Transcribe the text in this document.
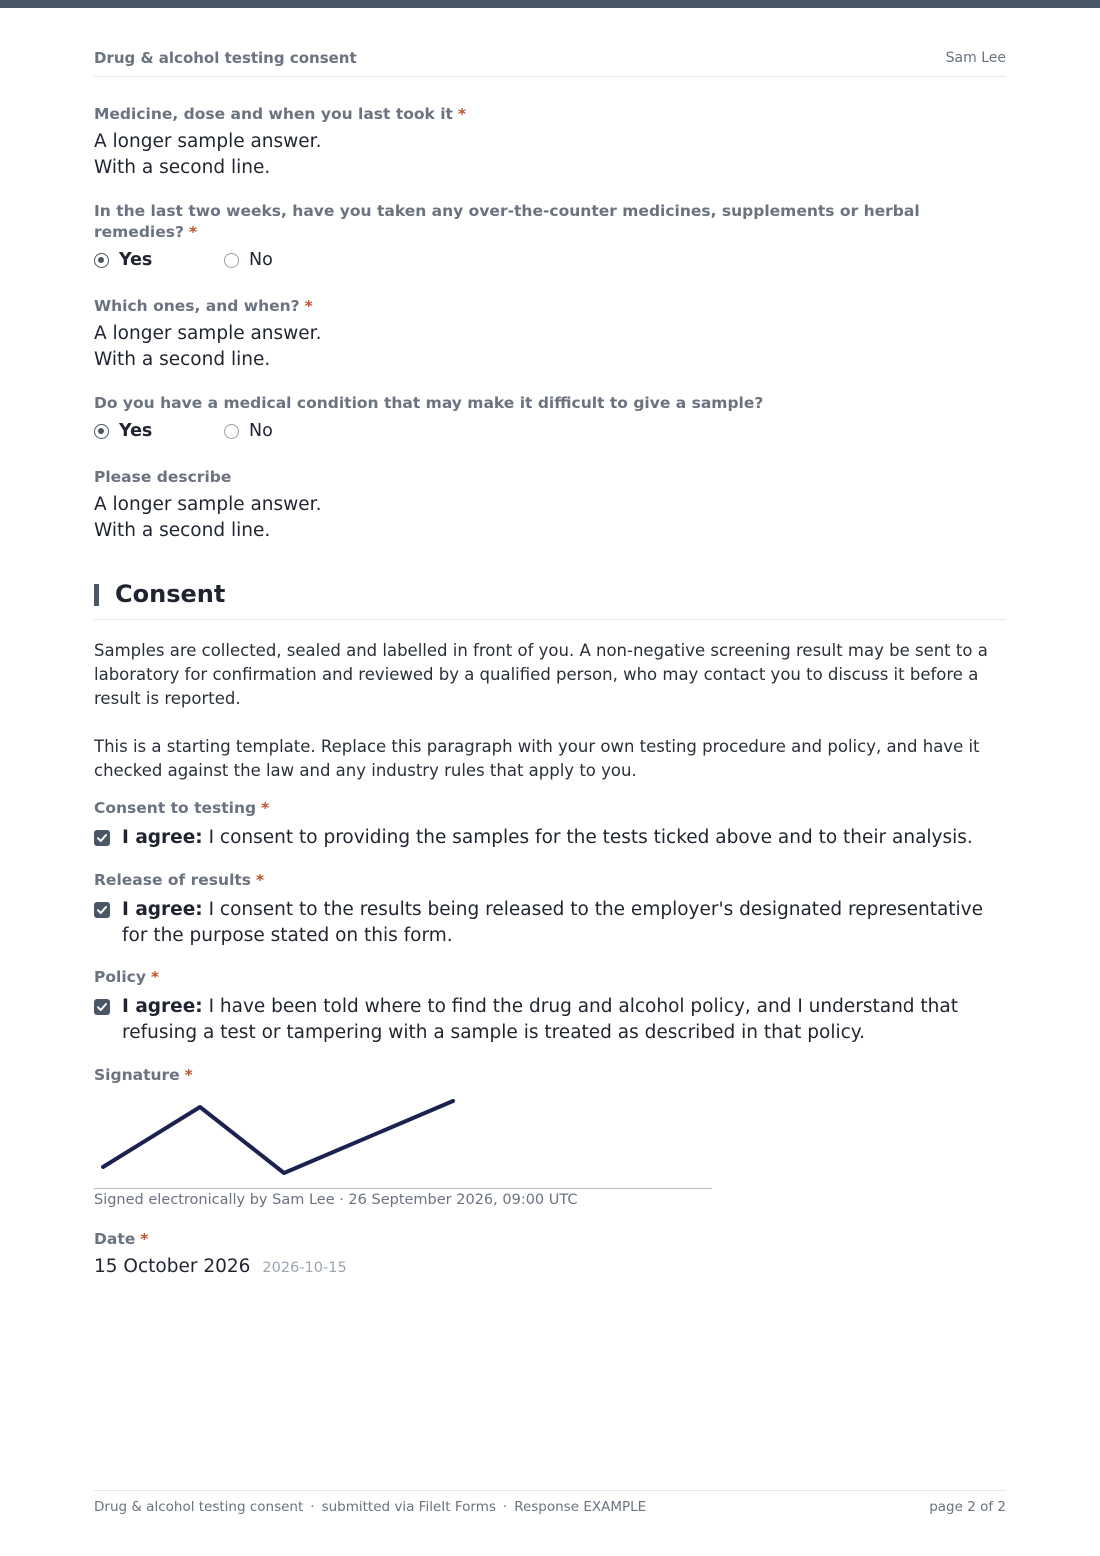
Drug & alcohol testing consent	Sam Lee
Medicine, dose and when you last took it *
A longer sample answer.
With a second line.
In the last two weeks, have you taken any over-the-counter medicines, supplements or herbal remedies? *
Yes	No
Which ones, and when? *
A longer sample answer.
With a second line.
Do you have a medical condition that may make it difficult to give a sample?
Yes	No
Please describe
A longer sample answer.
With a second line.
Consent

Samples are collected, sealed and labelled in front of you. A non-negative screening result may be sent to a laboratory for confirmation and reviewed by a qualified person, who may contact you to discuss it before a result is reported.

This is a starting template. Replace this paragraph with your own testing procedure and policy, and have it checked against the law and any industry rules that apply to you.

Consent to testing *
I agree: I consent to providing the samples for the tests ticked above and to their analysis.
Release of results *
I agree: I consent to the results being released to the employer's designated representative for the purpose stated on this form.
Policy *
I agree: I have been told where to find the drug and alcohol policy, and I understand that refusing a test or tampering with a sample is treated as described in that policy.
Signature *
Signed electronically by Sam Lee · 26 September 2026, 09:00 UTC
Date *
15 October 2026 2026-10-15
Drug & alcohol testing consent · submitted via FileIt Forms · Response EXAMPLE	page 2 of 2
